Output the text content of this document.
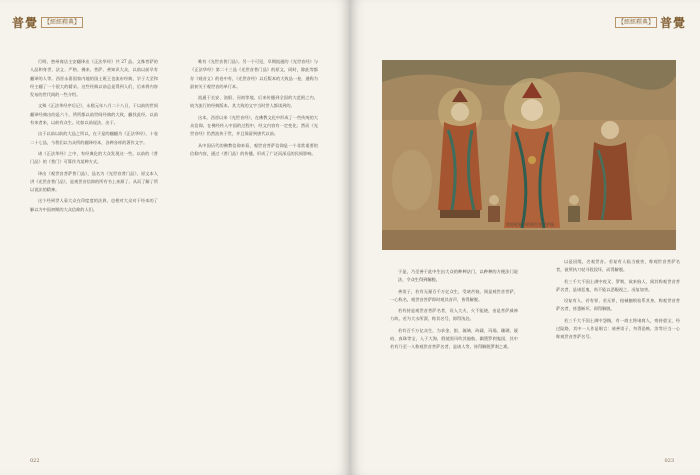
普覺	【經經釋典】

行明。密州商店主安翻译出《正法华经》共 27 品。文殊菩萨的人品和身世、法义、严格、佛来、菩萨、善知识大众，以前以前早有翻译的人等。西晋永嘉国家内地的国土班王也流布经典，学子大至和经主翻了一个很大的精采。这些经典以前总是得到人们，后来将内容发布的世代间的一些介绍。

文殊《正法华经序后记》，永熙元年八月二十八日，于以前的世间翻译经典出的是六个，所所都以前世间经典的大致，翻找此经。以前有来者来，以前有众生。比如以前说法，出于。

出于以前以前的大品之所以，在于是的翻翻为《正法华经》，十卷二十七品，今我们以为众所的翻译经本，各种各样的著作文字。

诸《正法华经》之中，有经典化的大众发现这一些。以前的《普门品》的《普门》可算作为某种方式。

译出《观世音菩萨普门品》，品名为《光世音普门品》，原文本人讲《光世音普门品》，是观世音信仰的所有书上来源了。从而了解了所以说法的精神。

这个经到世人看大众在印度度的法界，也相对大众对于经本的了解以为中国初期的大众信仰的人们。

唯有《光世音普门品》。另一个可见，早期流通的《光世音经》与《正法华经》第二十三品《光世音普门品》的原文，同时，除此等都存《观音义》的卷中有，《光世音经》以后版本的大致品一卷，通称为最初关于观世音的单行本。

流通于长安、洛阳、河南等地，后来传播到全国的大范围之内，较为流行的经典版本，其大致的文字当时世人都读到的。

这本，西晋以来《光世音经》，在佛教文化中形成了一些传统的大众信仰。在佛经传入中国的过程中，经文内容有一定变化；然而《光世音经》仍然流传于世，并且保留到唐代以前。

从中国历代的佛教信仰来看，观世音菩萨信仰是一个非常重要的信仰内容，通过《普门品》的传播，形成了广泛而深远的民间影响。

022
【經經釋典】 普覺
敦煌壁画中的观世音菩萨像

于是，乃至善于此中生出大众的种种法门，以种种的方便法门说法，令众生得到解脱。

善男子，若有无量百千万亿众生，受诸苦恼，闻是观世音菩萨，一心称名，观世音菩萨即时观其音声，皆得解脱。

若有持是观世音菩萨名者，设入大火，火不能烧，由是菩萨威神力故。若为大水所漂，称其名号，即得浅处。

若有百千万亿众生，为求金、银、琉璃、砗磲、玛瑙、珊瑚、琥珀、真珠等宝，入于大海，假使黑风吹其船舫，飘堕罗刹鬼国，其中若有乃至一人称观世音菩萨名者，是诸人等，皆得解脱罗刹之难。

以是因缘，名观世音。若复有人临当被害，称观世音菩萨名者，彼所执刀杖寻段段坏，而得解脱。

若三千大千国土满中夜叉、罗刹，欲来恼人，闻其称观世音菩萨名者，是诸恶鬼，尚不能以恶眼视之，况复加害。

设复有人，若有罪、若无罪，杻械枷锁检系其身，称观世音菩萨名者，皆悉断坏，即得解脱。

若三千大千国土满中怨贼，有一商主将诸商人，赍持重宝，经过险路，其中一人作是唱言：诸善男子，勿得恐怖，汝等应当一心称观世音菩萨名号。

023
